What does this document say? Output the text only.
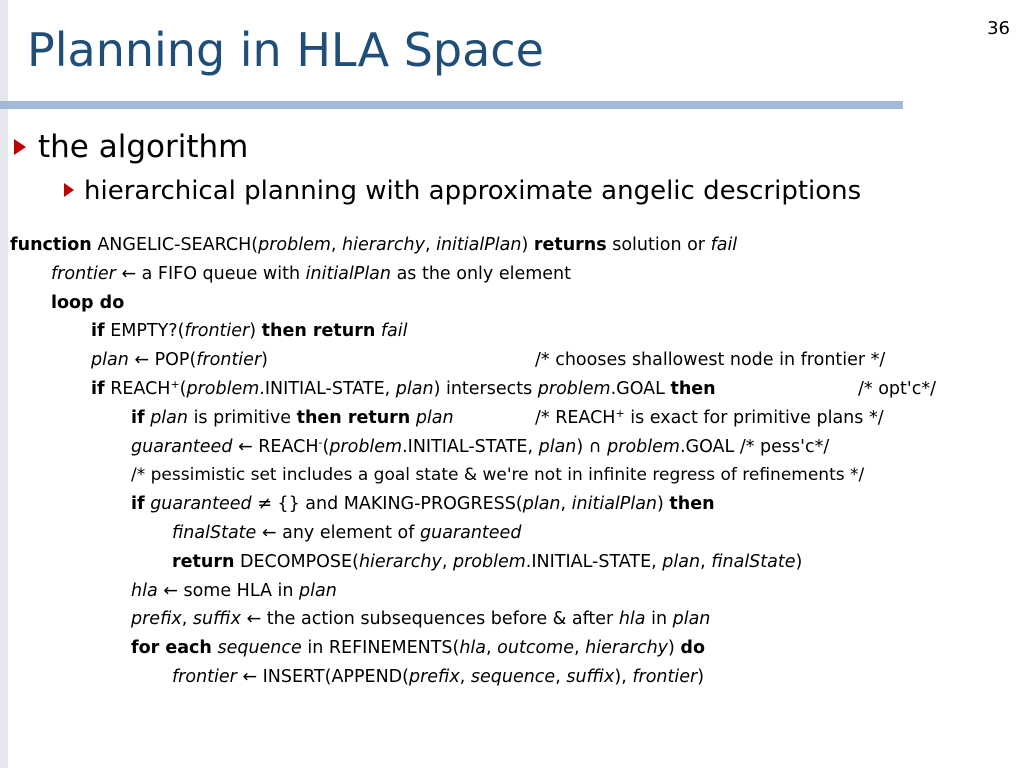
Planning in HLA Space	36
the algorithm
hierarchical planning with approximate angelic descriptions
function ANGELIC-SEARCH(problem, hierarchy, initialPlan) returns solution or fail
frontier ← a FIFO queue with initialPlan as the only element
loop do
if EMPTY?(frontier) then return fail
plan ← POP(frontier)	/* chooses shallowest node in frontier */
if REACH+(problem.INITIAL-STATE, plan) intersects problem.GOAL then	/* opt'c*/
if plan is primitive then return plan	/* REACH+ is exact for primitive plans */
guaranteed ← REACH-(problem.INITIAL-STATE, plan) ∩ problem.GOAL /* pess'c*/
/* pessimistic set includes a goal state & we're not in infinite regress of refinements */
if guaranteed ≠ {} and MAKING-PROGRESS(plan, initialPlan) then
finalState ← any element of guaranteed
return DECOMPOSE(hierarchy, problem.INITIAL-STATE, plan, finalState)
hla ← some HLA in plan
prefix, suffix ← the action subsequences before & after hla in plan
for each sequence in REFINEMENTS(hla, outcome, hierarchy) do
frontier ← INSERT(APPEND(prefix, sequence, suffix), frontier)
